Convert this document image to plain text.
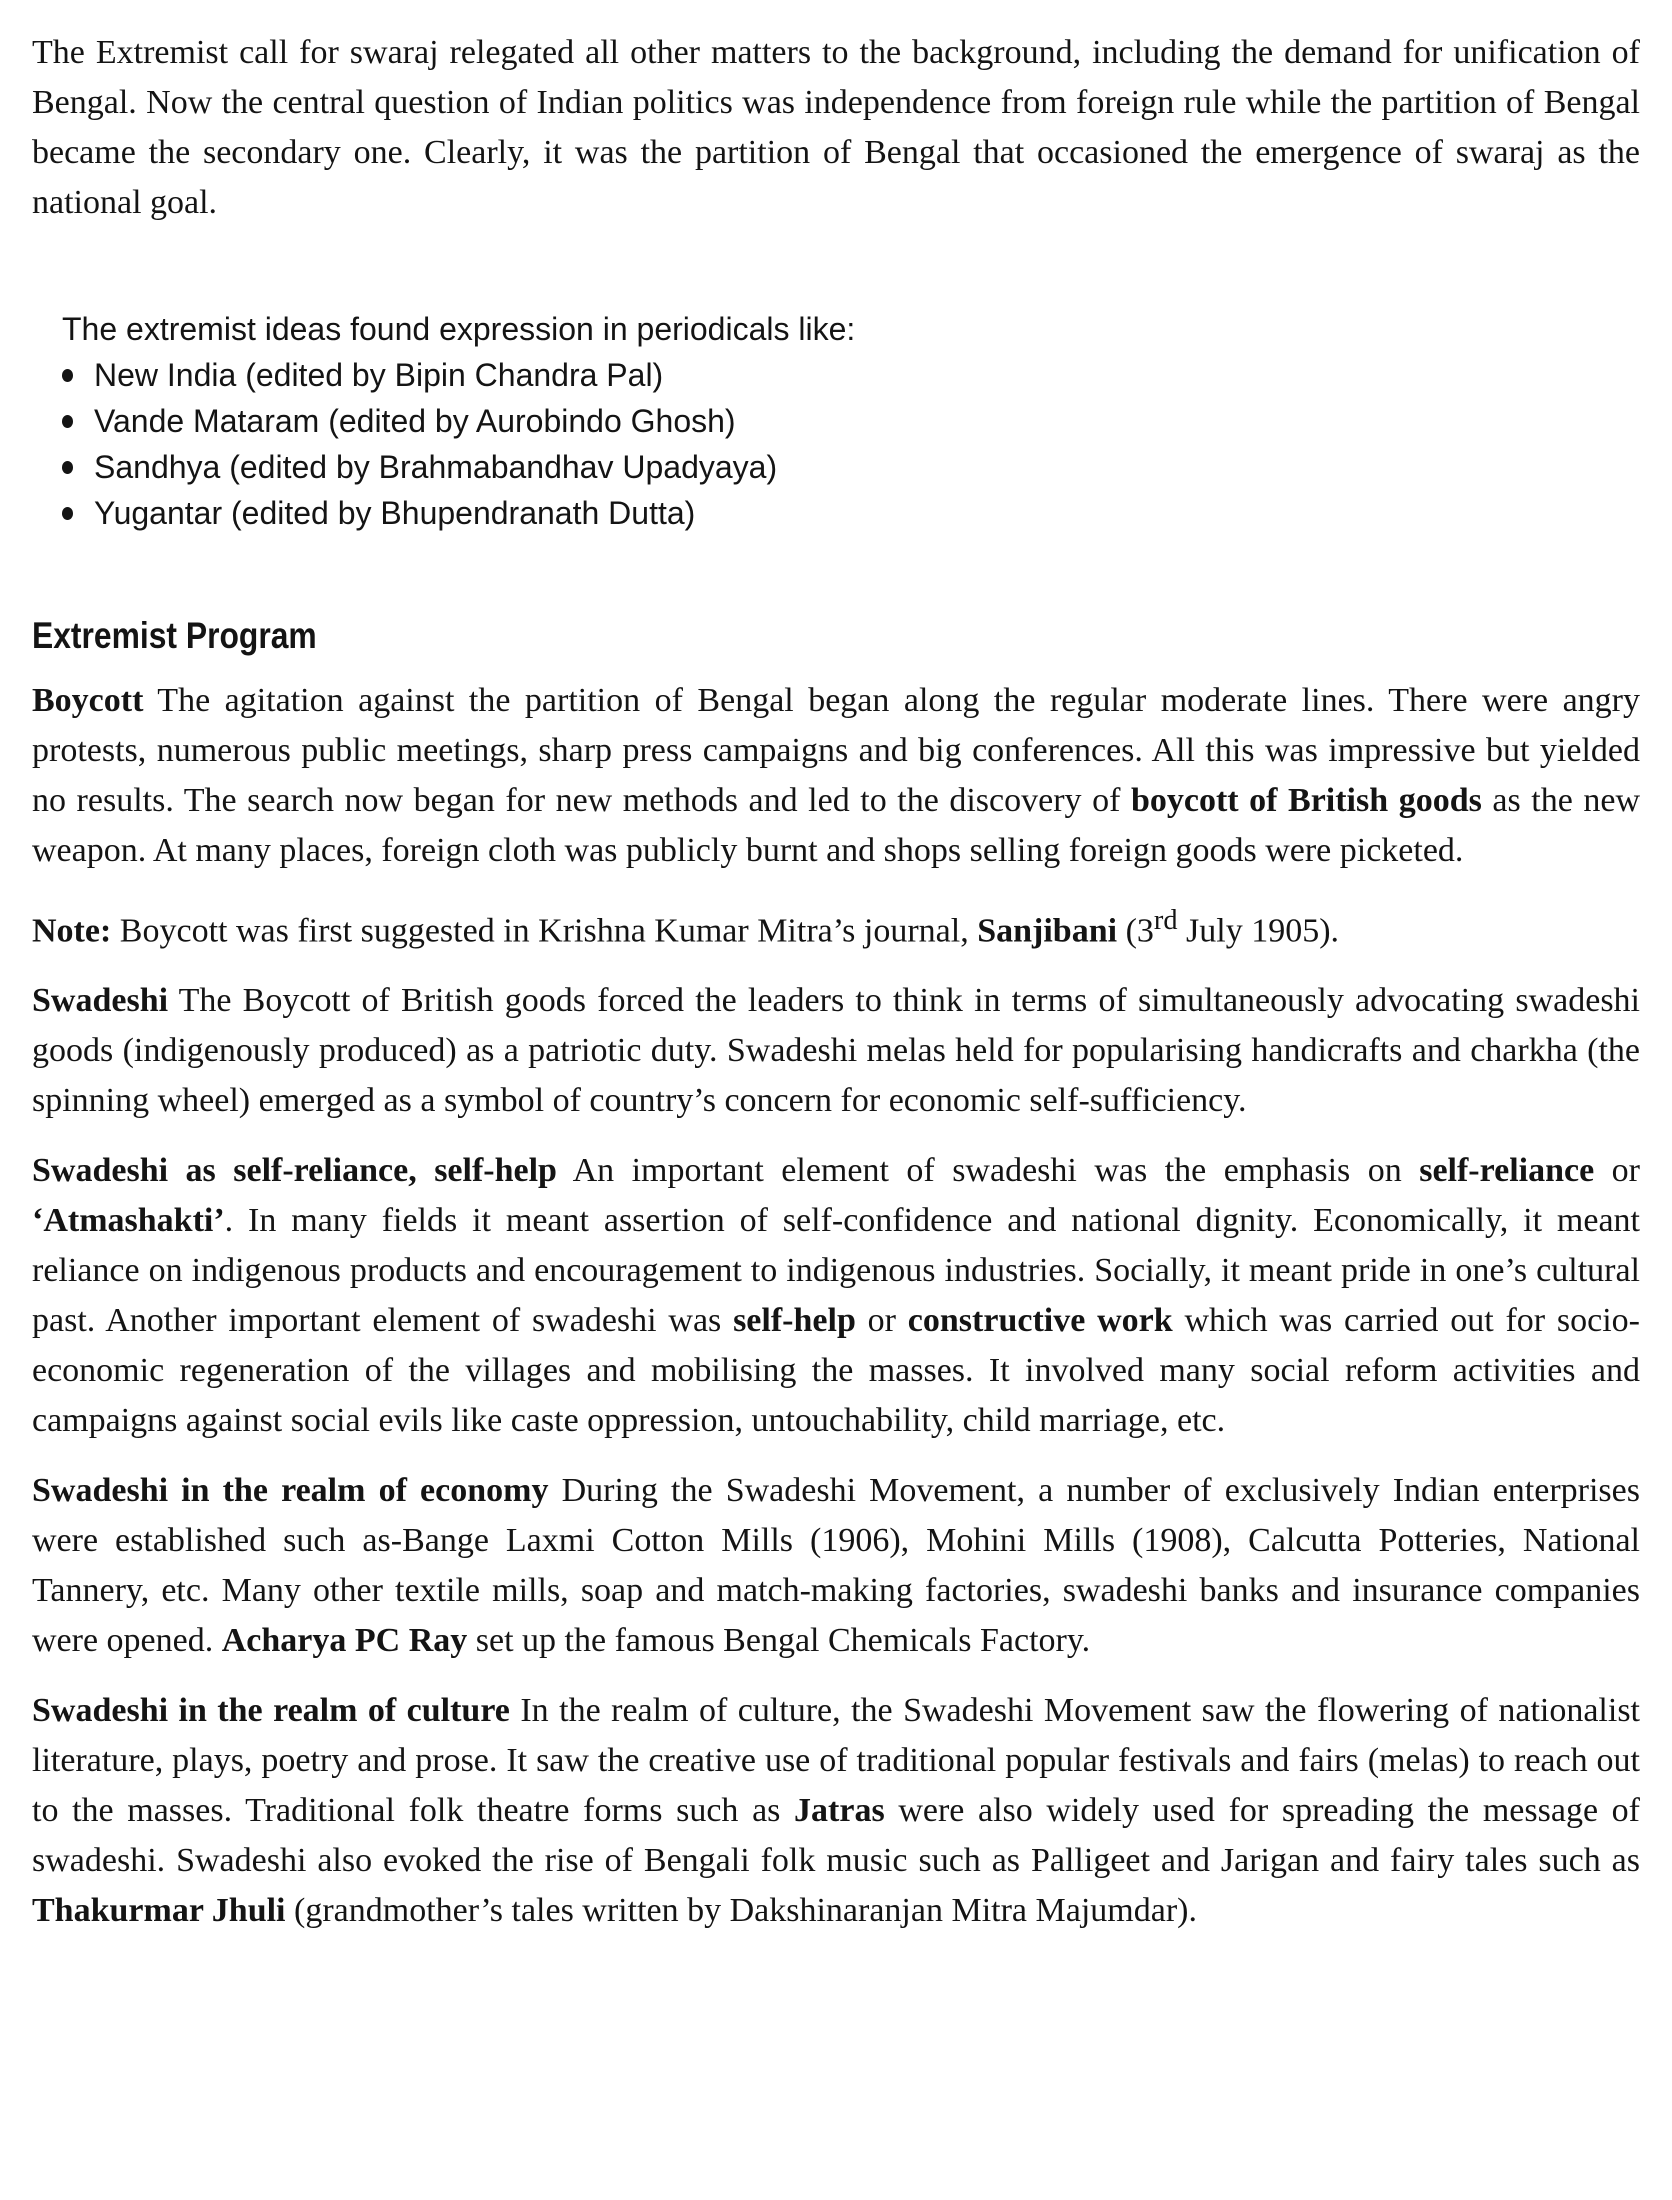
The Extremist call for swaraj relegated all other matters to the background, including the demand for unification of Bengal. Now the central question of Indian politics was independence from foreign rule while the partition of Bengal became the secondary one. Clearly, it was the partition of Bengal that occasioned the emergence of swaraj as the national goal.

The extremist ideas found expression in periodicals like:

New India (edited by Bipin Chandra Pal)
Vande Mataram (edited by Aurobindo Ghosh)
Sandhya (edited by Brahmabandhav Upadyaya)
Yugantar (edited by Bhupendranath Dutta)
Extremist Program

Boycott The agitation against the partition of Bengal began along the regular moderate lines. There were angry protests, numerous public meetings, sharp press campaigns and big conferences. All this was impressive but yielded no results. The search now began for new methods and led to the discovery of boycott of British goods as the new weapon. At many places, foreign cloth was publicly burnt and shops selling foreign goods were picketed.

Note: Boycott was first suggested in Krishna Kumar Mitra’s journal, Sanjibani (3rd July 1905).

Swadeshi The Boycott of British goods forced the leaders to think in terms of simultaneously advocating swadeshi goods (indigenously produced) as a patriotic duty. Swadeshi melas held for popularising handicrafts and charkha (the spinning wheel) emerged as a symbol of country’s concern for economic self-sufficiency.

Swadeshi as self-reliance, self-help An important element of swadeshi was the emphasis on self-reliance or ‘Atmashakti’. In many fields it meant assertion of self-confidence and national dignity. Economically, it meant reliance on indigenous products and encouragement to indigenous industries. Socially, it meant pride in one’s cultural past. Another important element of swadeshi was self-help or constructive work which was carried out for socio-economic regeneration of the villages and mobilising the masses. It involved many social reform activities and campaigns against social evils like caste oppression, untouchability, child marriage, etc.

Swadeshi in the realm of economy During the Swadeshi Movement, a number of exclusively Indian enterprises were established such as-Bange Laxmi Cotton Mills (1906), Mohini Mills (1908), Calcutta Potteries, National Tannery, etc. Many other textile mills, soap and match-making factories, swadeshi banks and insurance companies were opened. Acharya PC Ray set up the famous Bengal Chemicals Factory.

Swadeshi in the realm of culture In the realm of culture, the Swadeshi Movement saw the flowering of nationalist literature, plays, poetry and prose. It saw the creative use of traditional popular festivals and fairs (melas) to reach out to the masses. Traditional folk theatre forms such as Jatras were also widely used for spreading the message of swadeshi. Swadeshi also evoked the rise of Bengali folk music such as Palligeet and Jarigan and fairy tales such as Thakurmar Jhuli (grandmother’s tales written by Dakshinaranjan Mitra Majumdar).
